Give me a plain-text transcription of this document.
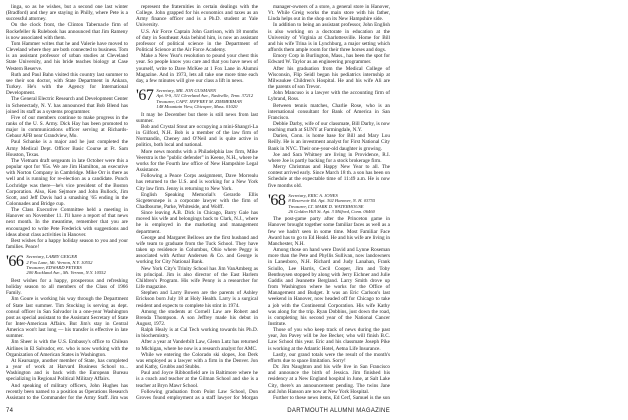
linga, so as he wishes, but a second one last winter (Bradford) and they are staying in Philly, where Pete is a successful attorney.

On the clock front, the Clinton Tabernacle firm of Rockefeller & Rulebook has announced that Jim Rameny is now associated with them.

Tom Hammer writes that he and Valerie have moved to Cleveland where they are both connected to business. Tom is an assistant professor of urban studies at Cleveland State University, and his bride teaches biology at Case Western Reserve.

Ruth and Paul Bahn visited this country last summer to see their son doctor, with State Department in Ankara, Turkey. He's with the Agency for International Development.

The General Electric Research and Development Center in Schenectady, N. Y. has announced that Bob Blend has joined its staff as a systems programmer.

Five of our members continue to make progress in the ranks of the U. S. Army. Dick Hay has been promoted to major in communications officer serving at Richards-Gebaur AFB near Grandview, Mo.

Paul Schanke is a major and he just completed the Army Medical Dept. Officer Basic Course at Ft. Sam Houston, Texas.

The Vietnam draft sergeants in late October were this a popular spot for '65s. We are Jim Hamilton, an executive with Norton Company in Cambridge. Mike Orr is there as well and is running for re-election as a candidate. Punch Lochridge was there—he's vice president of the Boston Corporation. Also, Ken Sejmore and John Bullock, Jim Scott, and Jeff Davis had a smashing '65 ending in the Colonnades and Bridge cup.

The Class Executive Committee held a meeting in Hanover on November 11. I'll have a report of that news next month. In the meantime, remember that you are encouraged to write Pete Frederick with suggestions and ideas about class activities in Hanover.

Best wishes for a happy holiday season to you and your families. Peace!

'66 Secretary, LARRY GEIGER
2 Fox Lane, Mt. Vernon, N.Y. 10552
Treasurer, EDWARD PETERS
200 Rockland Ave., Mt. Vernon, N.Y. 10552

Best wishes for a happy, prosperous and refreshing holiday season to all members of the Class of 1966 Family.

Jim Goure is working his way through the Department of State last summer. Tim Stocking is serving as dept. consul officer in San Salvador in a one-year Washington post as special assistant to the Assistant Secretary of State for Inter-American Affairs. But Jim's stay in Central America won't last long — his transfer is effective in late summer.

Jim Sheer is with the U.S. Embassy's office to Chilean Airlines in El Salvador, etc. who is now working with the Organization of American States in Washington.

At Kearsarge, another member of State, has completed a year of work at Harvard Business School to... Washington and is back with the European Bureau specializing in Regional Political Military Affairs.

And speaking of military officers, John Hughes has recently been named to a position as Operations Research Assistant to the Commander for the Army Staff. Jim was

represent the fraternities in certain dealings with the College. John grapped for his economics and taxes as an Army finance officer and is a Ph.D. student at Yale University.

U.S. Air Force Captain John Garrison, with 18 months of duty in Southeast Asia behind him, is now an assistant professor of political science in the Department of Political Science at the Air Force Academy.

Make a New Year's resolution to pound your chest this year. So people know you care and that you have news of yourself, write to Dave McKee at 1 Fox Lane in Alumni Magazine. And in 1973, lets all take one more time each day, a few minutes will give our class a lift in news.

'67 Secretary, MR. JON GUSMANN
Apt. 9-S, 311 Cleveland Ave., Nashville, Tenn. 37212
Treasurer, CAPT. JEFFREY M. ZIMMERMAN
148 Mountain View, Chicopee, Mass. 01020

It may be December but there is still news from last summer.

Bob and Crystal Stout are occupying a mini-Shangri-La in Gilford, N.H. Bob is a member of the law firm of Normandin, Cheney and O'Neil and is quite active in politics, both local and national.

More news months with a Philadelphia law firm, Mike Veerstra is the "public defender" in Keene, N.H., where he works for the Fourth law office of New Hampshire Legal Assistance.

Following a Peace Corps assignment, Dave Morrealu has returned to the U.S. and is working for a New York City law firm. Jenny is returning to New York.

English Speaking Memorial's Gerardo Ellis Sicgetersnepe is a corporate lawyer with the firm of Chadbourne, Parke, Whiteside, and Wolff.

Since leaving A.B. Dick in Chicago, Barry Gale has moved his wife and belongings back to Clark, N.J., where he is employed in the marketing and management department.

George and Margaret Bellows are the first husband and wife team to graduate from the Tuck School. They have taken up residence in Columbus, Ohio where Peggy is associated with Arthur Andersen & Co. and George is working for City National Bank.

New York City's Trinity School has Jim VanAmberg as its principal. Jim is also director of the East Harlem Children's Program. His wife Penny is a researcher for Life magazine.

Stephen and Larry Bowen are the parents of Ashley Erickson born July 18 at Holy Health. Larry is a surgical resident and expects to complete his stint in 1974.

Among the students at Cornell Law are Robert and Brenda Thompson. A son Jeffrey made his debut in August, 1972.

Ralph Healy is at Cal Tech working towards his Ph.D. in biochemistry.

After a year at Vanderbilt Law, Glenn Lutz has returned to Michigan, where he now is a research analyst for AMC.

While we entering the Colorado ski slopes, Jon Derk was employed as a lawyer with a firm in the Denver. Jon and Kathy, Grubbs and Stubbs.

Paul and Joyce Ribbonfield are in Baltimore where he is a coach and teacher at the Gilman School and she is a teacher at Bryn Mawr School.

Following graduation from Point Law School, Don Groves found employment as a staff lawyer for Morgan

manager-owners of a store, a general store in Hanover, Vt. While Greig works the main store with his father, Linda helps out in the shop on its New Hampshire side.

In addition to being an assistant professor, John English is also working on a doctorate in education at the University of Virginia at Charlottesville. Home for Bill and his wife Trina is in Lynchburg, a major setting which affords them ample room for their three horses and dogs.

Emory Corp in Burlington, Mass., has been the spot for Edward W. Taylor as an engineering programmer.

After his graduation from the Medical College of Wisconsin, Flip Seidl began his pediatrics internship at Milwaukee Children's Hospital. He and his wife Ali are the parents of son Trevor.

John Mancuso is a lawyer with the accounting firm of Lybrand, Ross.

Between tennis matches, Charlie Rose, who is an international consultant for Bank of America in San Francisco.

Debbie Darby, wife of our classmate, Bill Darby, is now teaching math at SUNY at Farmingdale, N.Y.

Darien, Conn. is home base for Bill and Mary Lou Reilly. He is an investment analyst for First National City Bank in NYC. Their one-year-old daughter is growing.

Joe and Sara Whitney are living in Providence, R.I. where Joe is partly backing for a stock brokerage firm.

Merry Christmas and Happy New Year to all. The contest arrived early. Since March 18 th. a son has been on Schedule at the expectable time of 11:49 a.m. He is now five months old.

'68 Secretary, ERIC A. JONES
8 Reservoir Rd. Apt. 302 Hanover, N. H. 03755
Treasurer, LT. MARK D. WATERHOUSE
26 Golden Hill St. Apt. 3 Milford, Conn. 06460

The post-game party after the Princeton game in Hanover brought together some familiar faces as well as a few we hadn't seen in some time. Most Familiar Face Award has to go to Ed Heald. He and his wife are living in Manchester, N.H.

Among those on hand were David and Lynne Roseman more than the Pete and Phyllis Sullivan, now landowners in Lanesboro, N.H. Richard and Judy Lanahan, Frank Sciullo, Lee Harris, Cecil Cooper, Jim and Toby Benthuysen stopped by along with Jerry Eichner and Julie Gaddis and Jeannette Bergland. Larry Smith drove up from Washington where he works for the Office of Management and Budget. It was an Eric Carlson's last weekend in Hanover, now headed off for Chicago to take a job with the Continental Corporation. His wife Kathy was along for the trip. Ryan Dobbins, just down the road, is completing his second year of the National Cancer Institute.

Those of you who keep track of news during the past year, Jon Pavey will be Joe Becker, who will finish B.C. Law School this year. Eric and his classmate Joseph Pike is working at the Atlantic Hotel, Aetna Life Insurance.

Lastly, our grand totals were the result of the month's efforts due to space limitation. Sorry!

Dr. Jim Naughton and his wife live in San Francisco and announce the birth of Jessica. Jim finished his residency at a New England hospital in June, at Salt Lake City, there's an announcement pending. The twins Jane and John Hanson are now at New York Hospital.

Further to these news items, Ed Cerf, Samuel is the son

74	DARTMOUTH ALUMNI MAGAZINE
